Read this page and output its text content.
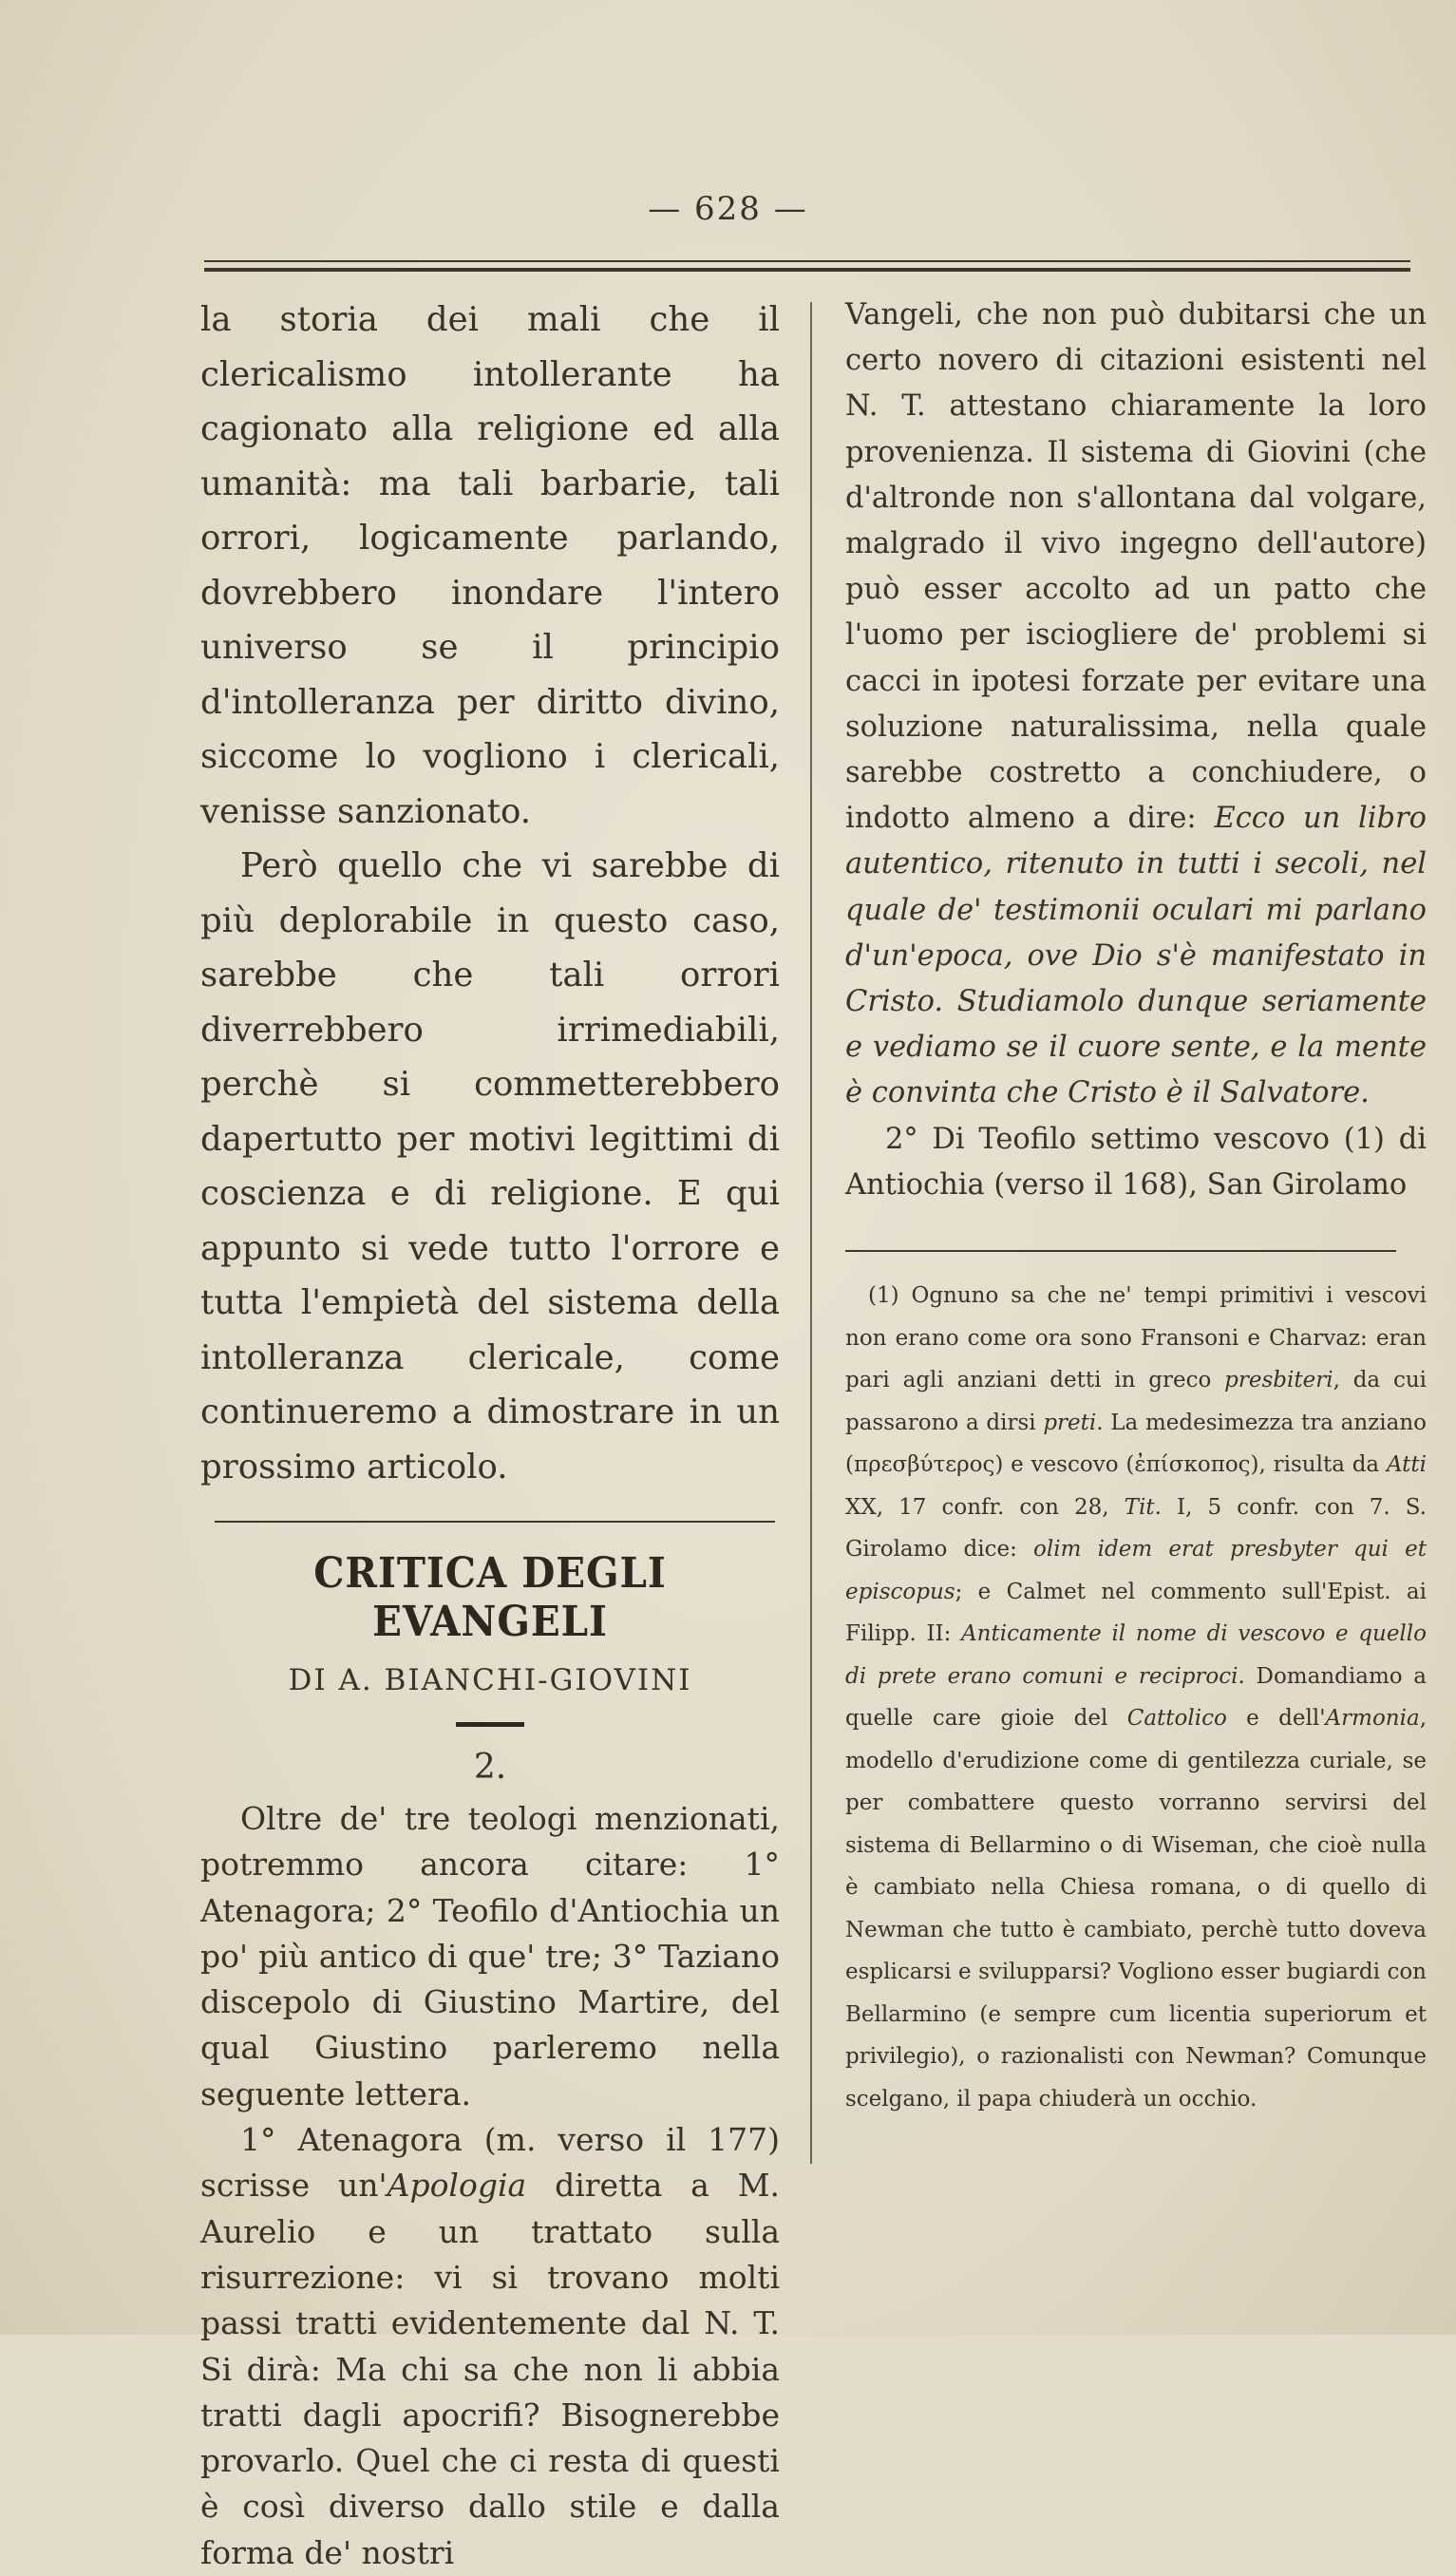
— 628 —

la storia dei mali che il clericalismo intollerante ha cagionato alla religione ed alla umanità: ma tali barbarie, tali orrori, logicamente parlando, dovrebbero inondare l'intero universo se il principio d'intolleranza per diritto divino, siccome lo vogliono i clericali, venisse sanzionato.

Però quello che vi sarebbe di più deplorabile in questo caso, sarebbe che tali orrori diverrebbero irrimediabili, perchè si commetterebbero dapertutto per motivi legittimi di coscienza e di religione. E qui appunto si vede tutto l'orrore e tutta l'empietà del sistema della intolleranza clericale, come continueremo a dimostrare in un prossimo articolo.

CRITICA DEGLI EVANGELI
DI A. BIANCHI-GIOVINI
2.

Oltre de' tre teologi menzionati, potremmo ancora citare: 1° Atenagora; 2° Teofilo d'Antiochia un po' più antico di que' tre; 3° Taziano discepolo di Giustino Martire, del qual Giustino parleremo nella seguente lettera.

1° Atenagora (m. verso il 177) scrisse un'Apologia diretta a M. Aurelio e un trattato sulla risurrezione: vi si trovano molti passi tratti evidentemente dal N. T. Si dirà: Ma chi sa che non li abbia tratti dagli apocrifi? Bisognerebbe provarlo. Quel che ci resta di questi è così diverso dallo stile e dalla forma de' nostri

Vangeli, che non può dubitarsi che un certo novero di citazioni esistenti nel N. T. attestano chiaramente la loro provenienza. Il sistema di Giovini (che d'altronde non s'allontana dal volgare, malgrado il vivo ingegno dell'autore) può esser accolto ad un patto che l'uomo per iscioglierе de' problemi si cacci in ipotesi forzate per evitare una soluzione naturalissima, nella quale sarebbe costretto a conchiudere, o indotto almeno a dire: Ecco un libro autentico, ritenuto in tutti i secoli, nel quale de' testimonii oculari mi parlano d'un'epoca, ove Dio s'è manifestato in Cristo. Studiamolo dunque seriamente e vediamo se il cuore sente, e la mente è convinta che Cristo è il Salvatore.

2° Di Teofilo settimo vescovo (1) di Antiochia (verso il 168), San Girolamo

(1) Ognuno sa che ne' tempi primitivi i vescovi non erano come ora sono Fransoni e Charvaz: eran pari agli anziani detti in greco presbiteri, da cui passarono a dirsi preti. La medesimezza tra anziano (πρεσβύτερος) e vescovo (ἐπίσκοπος), risulta da Atti XX, 17 confr. con 28, Tit. I, 5 confr. con 7. S. Girolamo dice: olim idem erat presbyter qui et episcopus; e Calmet nel commento sull'Epist. ai Filipp. II: Anticamente il nome di vescovo e quello di prete erano comuni e reciproci. Domandiamo a quelle care gioie del Cattolico e dell'Armonia, modello d'erudizione come di gentilezza curiale, se per combattere questo vorranno servirsi del sistema di Bellarmino o di Wiseman, che cioè nulla è cambiato nella Chiesa romana, o di quello di Newman che tutto è cambiato, perchè tutto doveva esplicarsi e svilupparsi? Vogliono esser bugiardi con Bellarmino (e sempre cum licentia superiorum et privilegio), o razionalisti con Newman? Comunque scelgano, il papa chiuderà un occhio.
